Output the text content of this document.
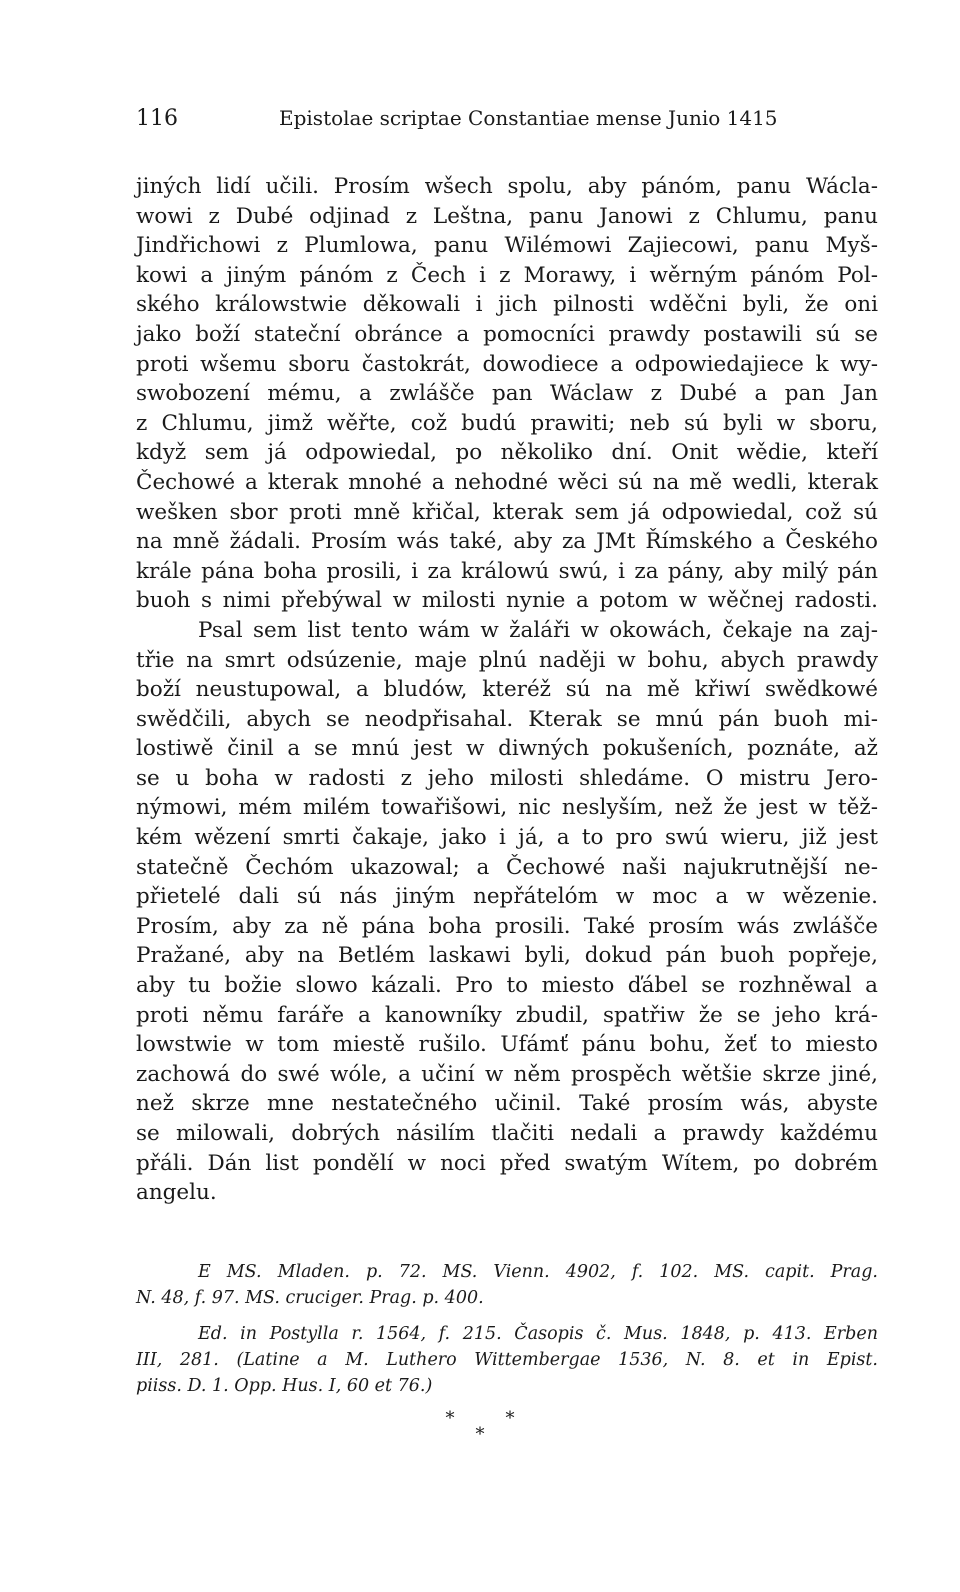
116	Epistolae scriptae Constantiae mense Junio 1415
jiných lidí učili. Prosím wšech spolu, aby pánóm, panu Wácla-
wowi z Dubé odjinad z Leštna, panu Janowi z Chlumu, panu
Jindřichowi z Plumlowa, panu Wilémowi Zajiecowi, panu Myš-
kowi a jiným pánóm z Čech i z Morawy, i wěrným pánóm Pol-
ského králowstwie děkowali i jich pilnosti wděčni byli, že oni
jako boží stateční obránce a pomocníci prawdy postawili sú se
proti wšemu sboru častokrát, dowodiece a odpowiedajiece k wy-
swobození mému, a zwlášče pan Wáclaw z Dubé a pan Jan
z Chlumu, jimž wěřte, což budú prawiti; neb sú byli w sboru,
když sem já odpowiedal, po několiko dní. Onit wědie, kteří
Čechowé a kterak mnohé a nehodné wěci sú na mě wedli, kterak
wešken sbor proti mně křičal, kterak sem já odpowiedal, což sú
na mně žádali. Prosím wás také, aby za JMt Římského a Českého
krále pána boha prosili, i za králowú swú, i za pány, aby milý pán
buoh s nimi přebýwal w milosti nynie a potom w wěčnej radosti.
Psal sem list tento wám w žaláři w okowách, čekaje na zaj-
třie na smrt odsúzenie, maje plnú naději w bohu, abych prawdy
boží neustupowal, a bludów, kteréž sú na mě křiwí swědkowé
swědčili, abych se neodpřisahal. Kterak se mnú pán buoh mi-
lostiwě činil a se mnú jest w diwných pokušeních, poznáte, až
se u boha w radosti z jeho milosti shledáme. O mistru Jero-
nýmowi, mém milém towařišowi, nic neslyším, než že jest w těž-
kém wězení smrti čakaje, jako i já, a to pro swú wieru, již jest
statečně Čechóm ukazowal; a Čechowé naši najukrutnější ne-
přietelé dali sú nás jiným nepřátelóm w moc a w wězenie.
Prosím, aby za ně pána boha prosili. Také prosím wás zwlášče
Pražané, aby na Betlém laskawi byli, dokud pán buoh popřeje,
aby tu božie slowo kázali. Pro to miesto ďábel se rozhněwal a
proti němu faráře a kanowníky zbudil, spatřiw že se jeho krá-
lowstwie w tom miestě rušilo. Ufámť pánu bohu, žeť to miesto
zachowá do swé wóle, a učiní w něm prospěch wětšie skrze jiné,
než skrze mne nestatečného učinil. Také prosím wás, abyste
se milowali, dobrých násilím tlačiti nedali a prawdy každému
přáli. Dán list pondělí w noci před swatým Wítem, po dobrém
angelu.
E MS. Mladen. p. 72. MS. Vienn. 4902, f. 102. MS. capit. Prag.
N. 48, f. 97. MS. cruciger. Prag. p. 400.
Ed. in Postylla r. 1564, f. 215. Časopis č. Mus. 1848, p. 413. Erben
III, 281. (Latine a M. Luthero Wittembergae 1536, N. 8. et in Epist.
piiss. D. 1. Opp. Hus. I, 60 et 76.)
*	*
*
